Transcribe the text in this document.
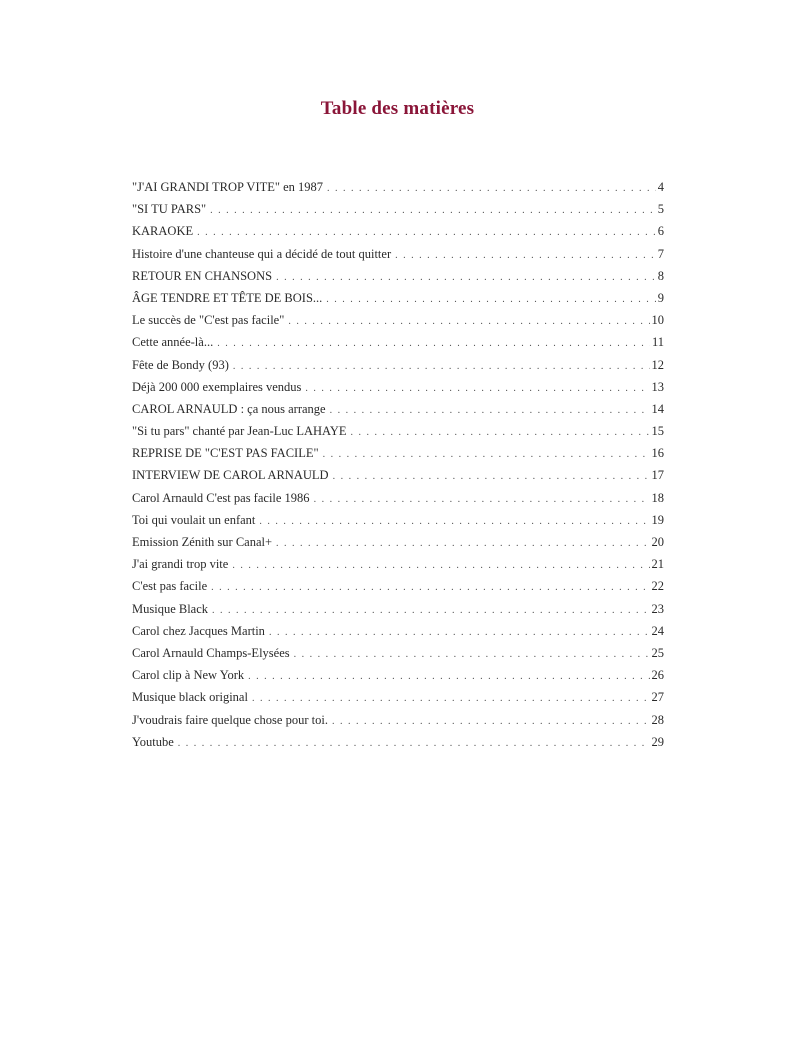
Table des matières
"J'AI GRANDI TROP VITE" en 1987 . . .	4
"SI TU PARS" . . .	5
KARAOKE . . .	6
Histoire d'une chanteuse qui a décidé de tout quitter . . .	7
RETOUR EN CHANSONS . . .	8
ÂGE TENDRE ET TÊTE DE BOIS... . . .	9
Le succès de "C'est pas facile" . . .	10
Cette année-là... . . .	11
Fête de Bondy (93) . . .	12
Déjà 200 000 exemplaires vendus . . .	13
CAROL ARNAULD : ça nous arrange . . .	14
"Si tu pars" chanté par Jean-Luc LAHAYE . . .	15
REPRISE DE "C'EST PAS FACILE" . . .	16
INTERVIEW DE CAROL ARNAULD . . .	17
Carol Arnauld C'est pas facile 1986 . . .	18
Toi qui voulait un enfant . . .	19
Emission Zénith sur Canal+ . . .	20
J'ai grandi trop vite . . .	21
C'est pas facile . . .	22
Musique Black . . .	23
Carol chez Jacques Martin . . .	24
Carol Arnauld Champs-Elysées . . .	25
Carol clip à New York . . .	26
Musique black original . . .	27
J'voudrais faire quelque chose pour toi. . . .	28
Youtube . . .	29
